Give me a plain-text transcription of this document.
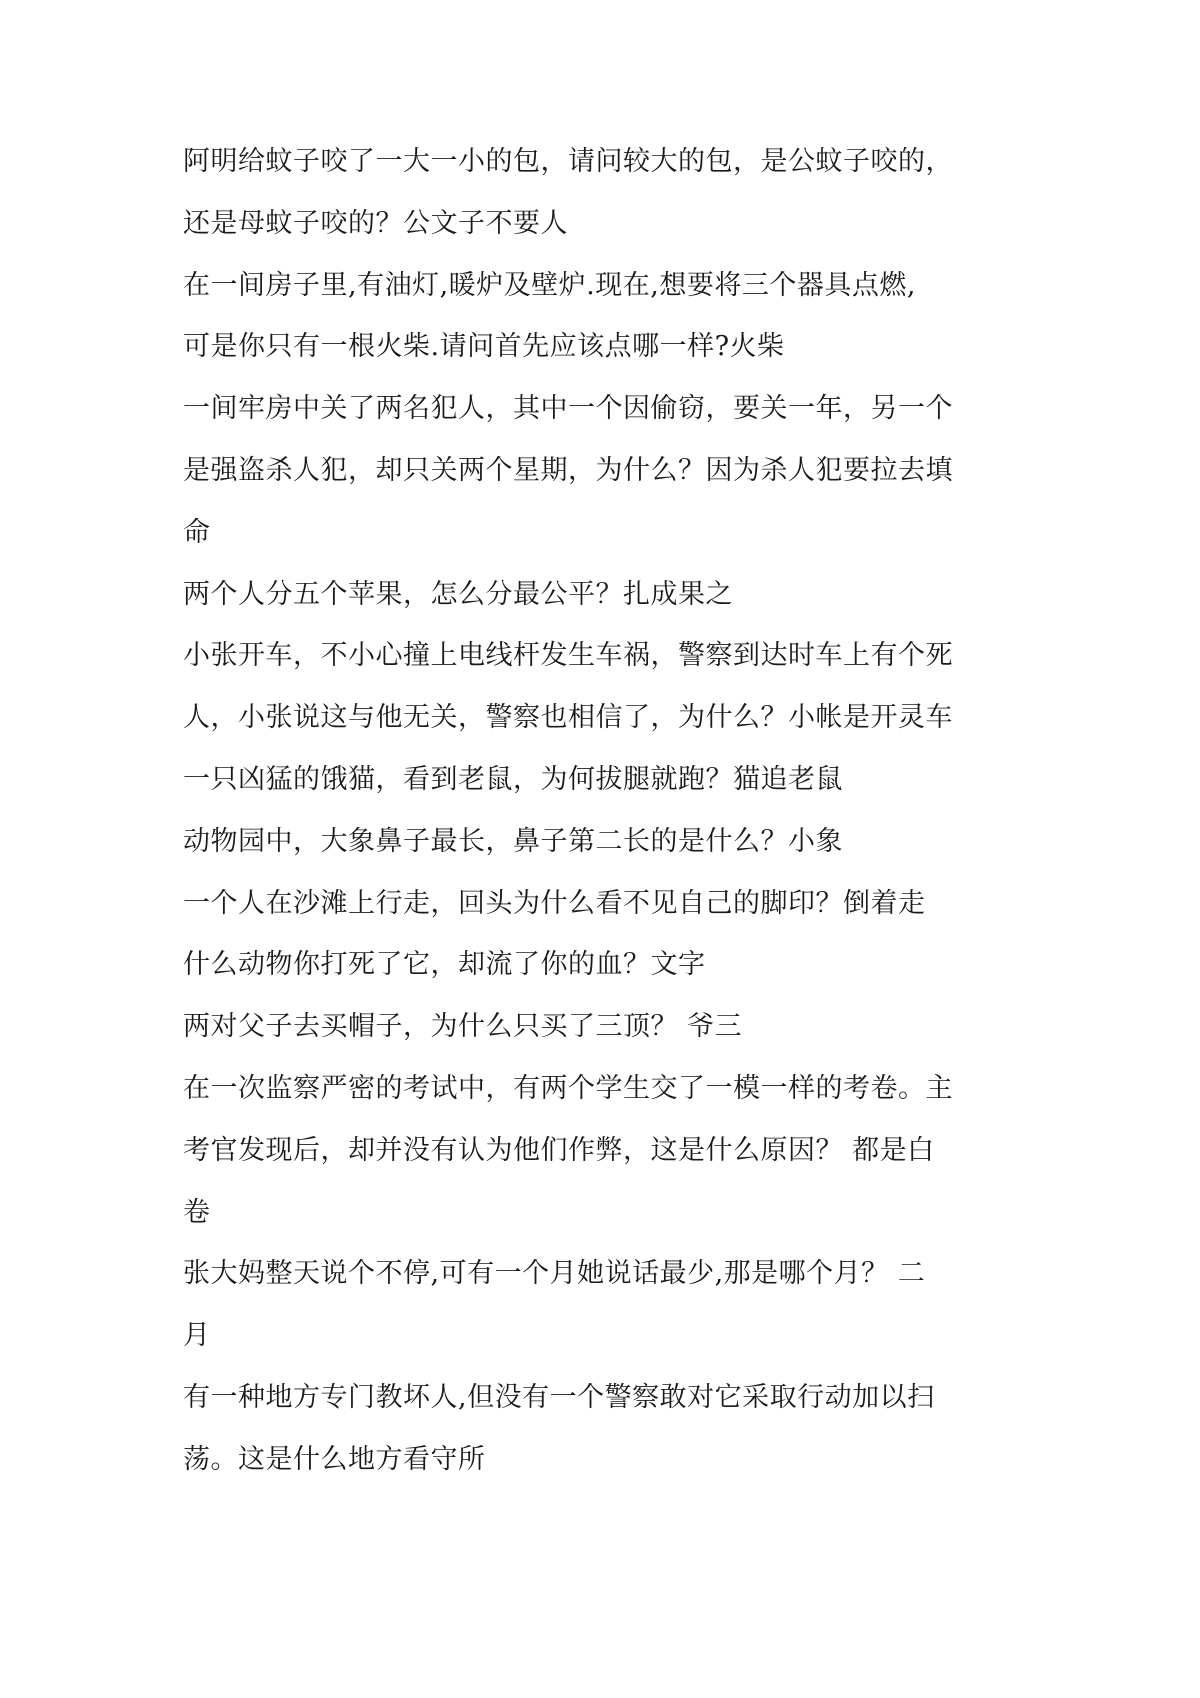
阿明给蚊子咬了一大一小的包，请问较大的包，是公蚊子咬的，

还是母蚊子咬的？公文子不要人

在一间房子里,有油灯,暖炉及壁炉.现在,想要将三个器具点燃,

可是你只有一根火柴.请问首先应该点哪一样?火柴

一间牢房中关了两名犯人，其中一个因偷窃，要关一年，另一个

是强盗杀人犯，却只关两个星期，为什么？因为杀人犯要拉去填

命

两个人分五个苹果，怎么分最公平？扎成果之

小张开车，不小心撞上电线杆发生车祸，警察到达时车上有个死

人，小张说这与他无关，警察也相信了，为什么？小帐是开灵车

一只凶猛的饿猫，看到老鼠，为何拔腿就跑？猫追老鼠

动物园中，大象鼻子最长，鼻子第二长的是什么？小象

一个人在沙滩上行走，回头为什么看不见自己的脚印？倒着走

什么动物你打死了它，却流了你的血？文字

两对父子去买帽子，为什么只买了三顶？ 爷三

在一次监察严密的考试中，有两个学生交了一模一样的考卷。主

考官发现后，却并没有认为他们作弊，这是什么原因？ 都是白

卷

张大妈整天说个不停,可有一个月她说话最少,那是哪个月？ 二

月

有一种地方专门教坏人,但没有一个警察敢对它采取行动加以扫

荡。这是什么地方看守所
